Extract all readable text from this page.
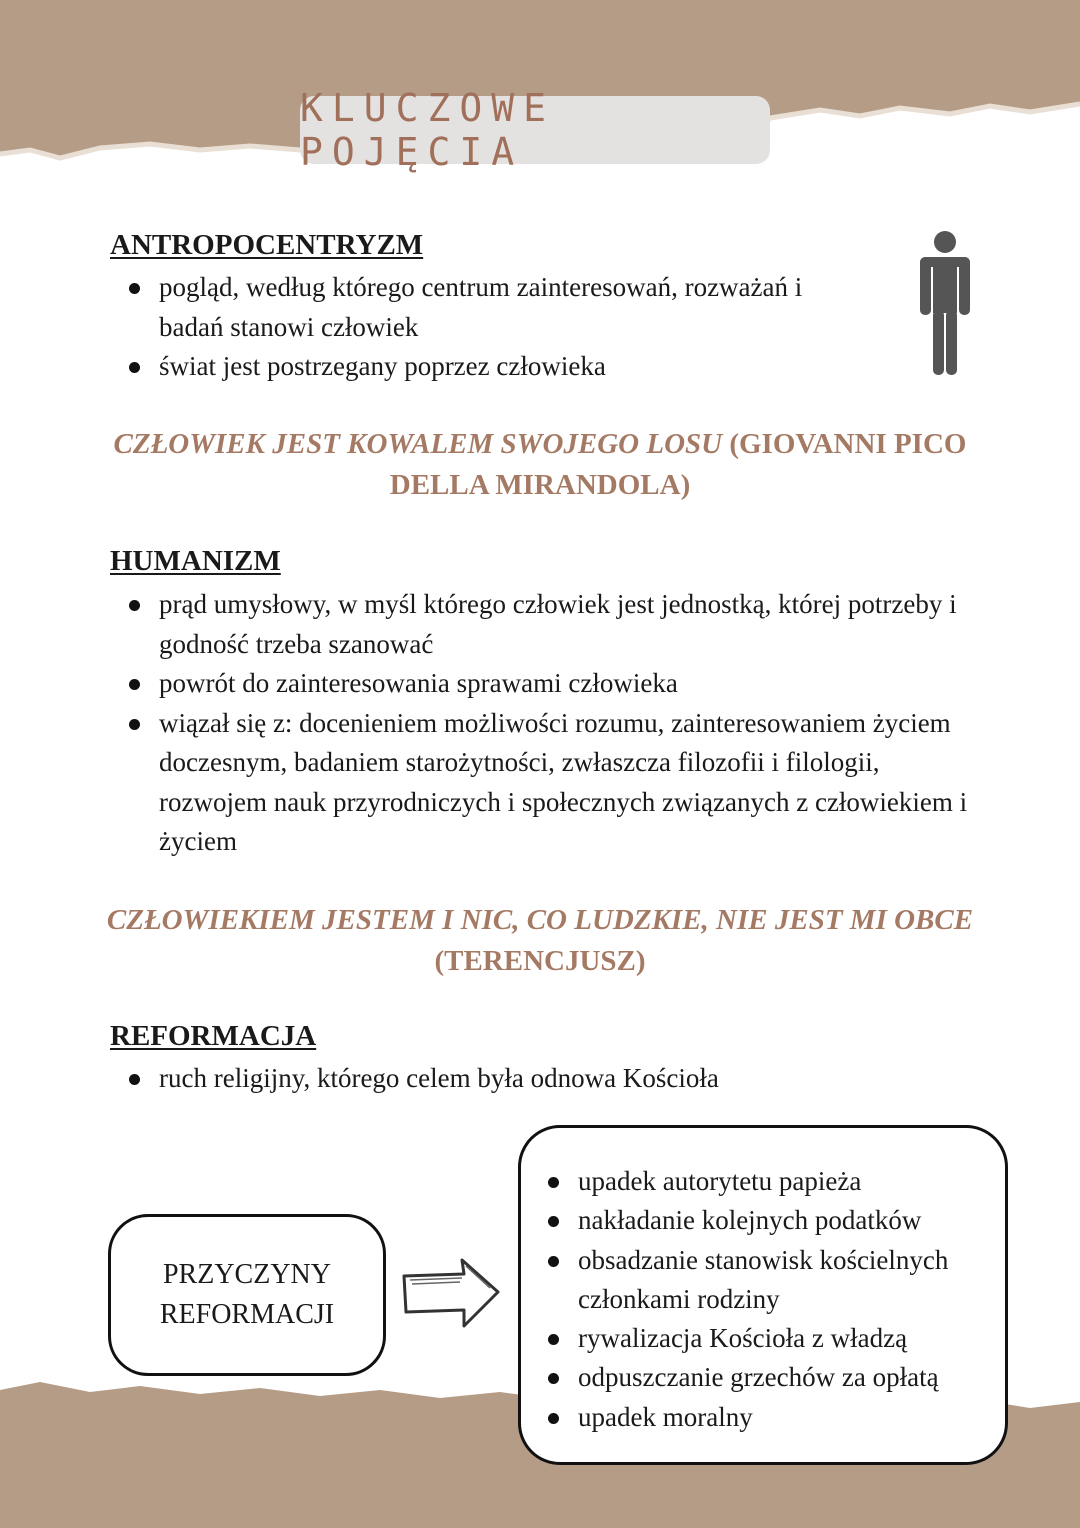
KLUCZOWE POJĘCIA
ANTROPOCENTRYZM
pogląd, według którego centrum zainteresowań, rozważań i badań stanowi człowiek
świat jest postrzegany poprzez człowieka
CZŁOWIEK JEST KOWALEM SWOJEGO LOSU (GIOVANNI PICO DELLA MIRANDOLA)
HUMANIZM
prąd umysłowy, w myśl którego człowiek jest jednostką, której potrzeby i godność trzeba szanować
powrót do zainteresowania sprawami człowieka
wiązał się z: docenieniem możliwości rozumu, zainteresowaniem życiem doczesnym, badaniem starożytności, zwłaszcza filozofii i filologii, rozwojem nauk przyrodniczych i społecznych związanych z człowiekiem i życiem
CZŁOWIEKIEM JESTEM I NIC, CO LUDZKIE, NIE JEST MI OBCE
(TERENCJUSZ)
REFORMACJA
ruch religijny, którego celem była odnowa Kościoła
PRZYCZYNY
REFORMACJI
upadek autorytetu papieża
nakładanie kolejnych podatków
obsadzanie stanowisk kościelnych członkami rodziny
rywalizacja Kościoła z władzą
odpuszczanie grzechów za opłatą
upadek moralny
